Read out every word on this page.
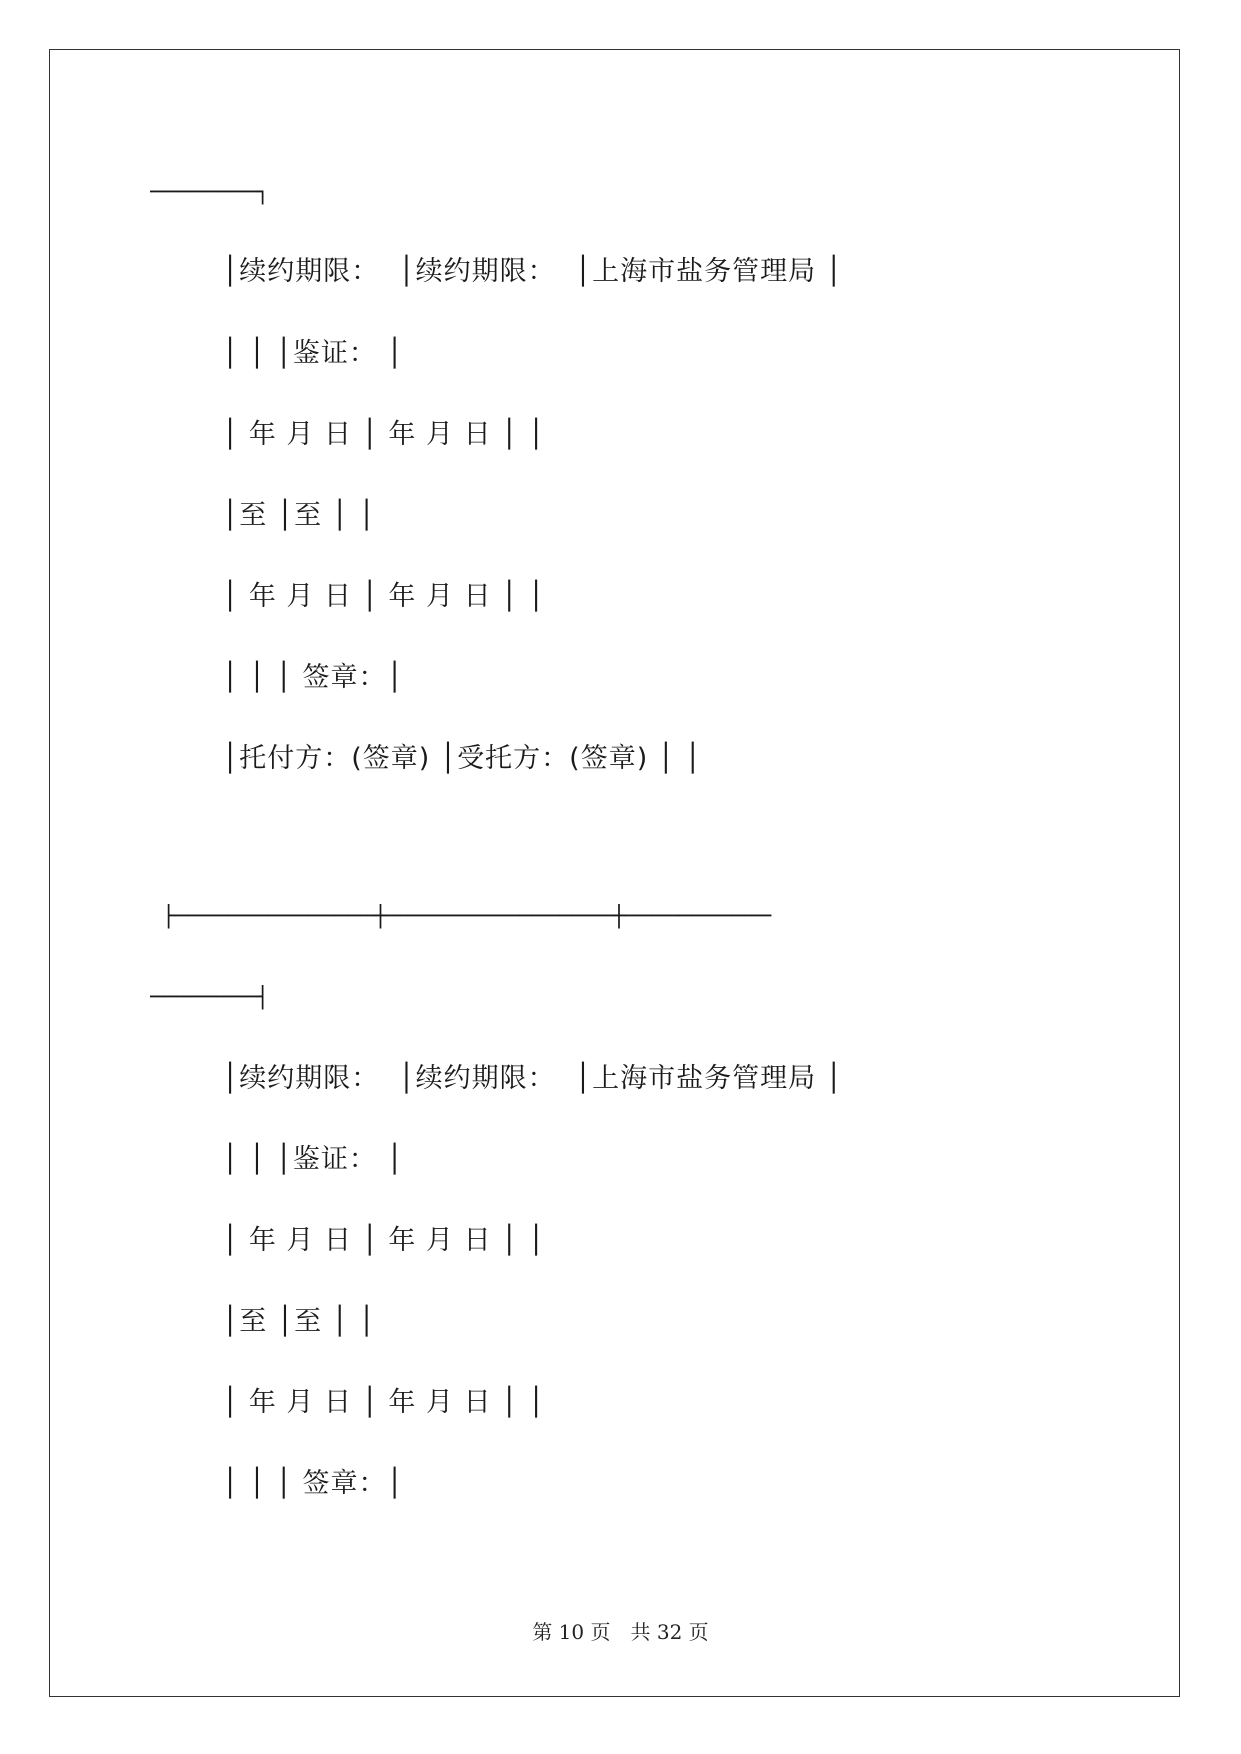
────────┐
│续约期限：  │续约期限：  │上海市盐务管理局 │
│ │ │鉴证： │
│ 年 月 日 │ 年 月 日 │ │
│至 │至 │ │
│ 年 月 日 │ 年 月 日 │ │
│ │ │ 签章：│
│托付方：(签章) │受托方：(签章) │ │
├───────────────┼─────────────────┼───────────
────────┤
│续约期限：  │续约期限：  │上海市盐务管理局 │
│ │ │鉴证： │
│ 年 月 日 │ 年 月 日 │ │
│至 │至 │ │
│ 年 月 日 │ 年 月 日 │ │
│ │ │ 签章：│
第 10 页　共 32 页
